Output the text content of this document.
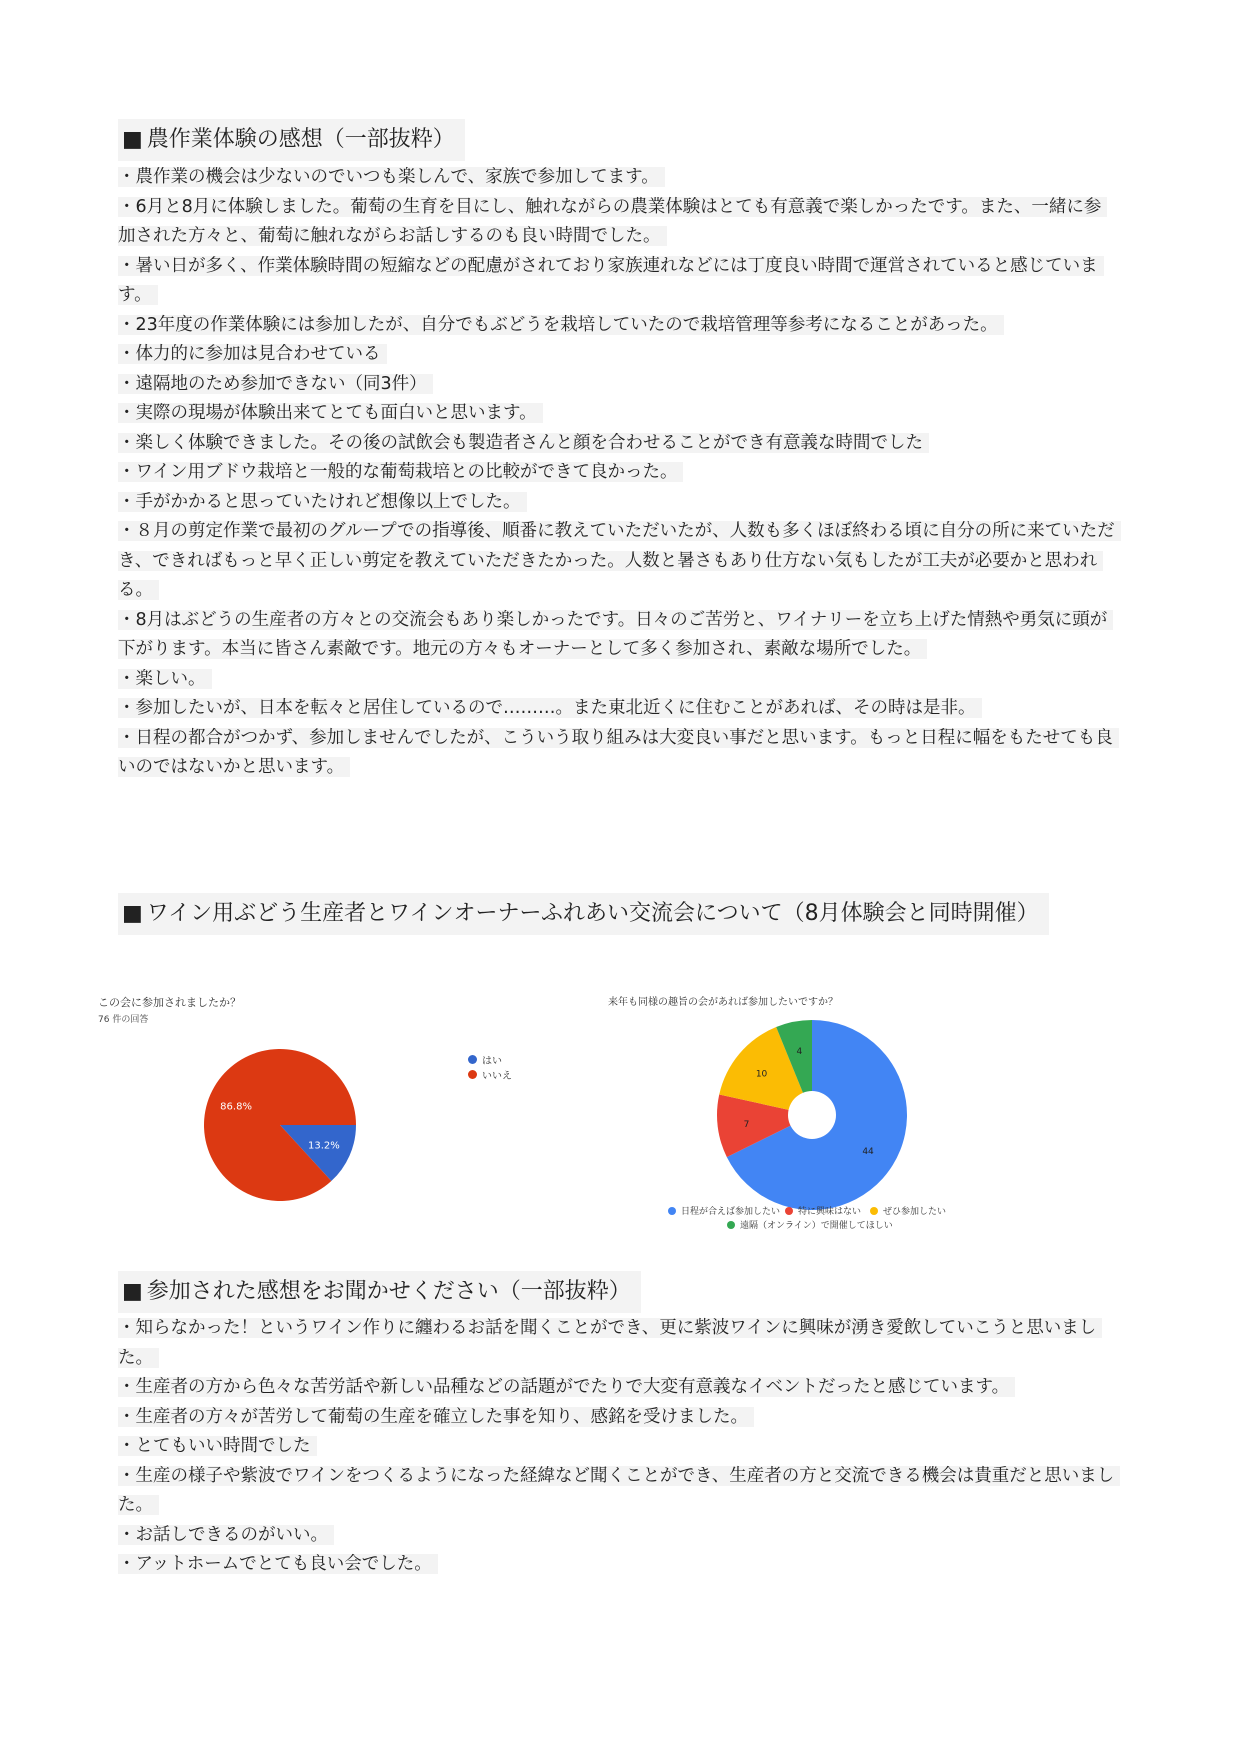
■ 農作業体験の感想（一部抜粋）

・農作業の機会は少ないのでいつも楽しんで、家族で参加してます。

・6月と8月に体験しました。葡萄の生育を目にし、触れながらの農業体験はとても有意義で楽しかったです。また、一緒に参加された方々と、葡萄に触れながらお話しするのも良い時間でした。

・暑い日が多く、作業体験時間の短縮などの配慮がされており家族連れなどには丁度良い時間で運営されていると感じています。

・23年度の作業体験には参加したが、自分でもぶどうを栽培していたので栽培管理等参考になることがあった。

・体力的に参加は見合わせている

・遠隔地のため参加できない（同3件）

・実際の現場が体験出来てとても面白いと思います。

・楽しく体験できました。その後の試飲会も製造者さんと顔を合わせることができ有意義な時間でした

・ワイン用ブドウ栽培と一般的な葡萄栽培との比較ができて良かった。

・手がかかると思っていたけれど想像以上でした。

・８月の剪定作業で最初のグループでの指導後、順番に教えていただいたが、人数も多くほぼ終わる頃に自分の所に来ていただき、できればもっと早く正しい剪定を教えていただきたかった。人数と暑さもあり仕方ない気もしたが工夫が必要かと思われる。

・8月はぶどうの生産者の方々との交流会もあり楽しかったです。日々のご苦労と、ワイナリーを立ち上げた情熱や勇気に頭が下がります。本当に皆さん素敵です。地元の方々もオーナーとして多く参加され、素敵な場所でした。

・楽しい。

・参加したいが、日本を転々と居住しているので………。また東北近くに住むことがあれば、その時は是非。

・日程の都合がつかず、参加しませんでしたが、こういう取り組みは大変良い事だと思います。もっと日程に幅をもたせても良いのではないかと思います。

■ ワイン用ぶどう生産者とワインオーナーふれあい交流会について（8月体験会と同時開催）
この会に参加されましたか？
76 件の回答
13.2%
86.8%
はい
いいえ
来年も同様の趣旨の会があれば参加したいですか？
44
7
10
4
日程が合えば参加したい 特に興味はない ぜひ参加したい
遠隔（オンライン）で開催してほしい
■ 参加された感想をお聞かせください（一部抜粋）

・知らなかった！というワイン作りに纏わるお話を聞くことができ、更に紫波ワインに興味が湧き愛飲していこうと思いました。

・生産者の方から色々な苦労話や新しい品種などの話題がでたりで大変有意義なイベントだったと感じています。

・生産者の方々が苦労して葡萄の生産を確立した事を知り、感銘を受けました。

・とてもいい時間でした

・生産の様子や紫波でワインをつくるようになった経緯など聞くことができ、生産者の方と交流できる機会は貴重だと思いました。

・お話しできるのがいい。

・アットホームでとても良い会でした。
